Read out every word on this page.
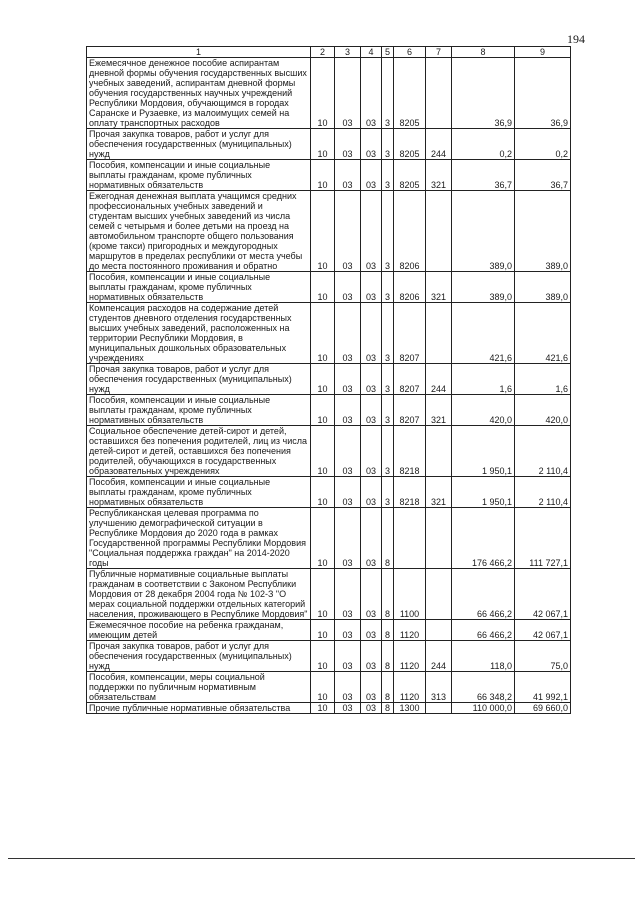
194
1	2	3	4	5	6	7	8	9
Ежемесячное денежное пособие аспирантам дневной формы обучения государственных высших учебных заведений, аспирантам дневной формы обучения государственных научных учреждений Республики Мордовия, обучающимся в городах Саранске и Рузаевке, из малоимущих семей на оплату транспортных расходов	10	03	03	3	8205		36,9	36,9
Прочая закупка товаров, работ и услуг для обеспечения государственных (муниципальных) нужд	10	03	03	3	8205	244	0,2	0,2
Пособия, компенсации и иные социальные выплаты гражданам, кроме публичных нормативных обязательств	10	03	03	3	8205	321	36,7	36,7
Ежегодная денежная выплата учащимся средних профессиональных учебных заведений и студентам высших учебных заведений из числа семей с четырьмя и более детьми на проезд на автомобильном транспорте общего пользования (кроме такси) пригородных и междугородных маршрутов в пределах республики от места учебы до места постоянного проживания и обратно	10	03	03	3	8206		389,0	389,0
Пособия, компенсации и иные социальные выплаты гражданам, кроме публичных нормативных обязательств	10	03	03	3	8206	321	389,0	389,0
Компенсация расходов на содержание детей студентов дневного отделения государственных высших учебных заведений, расположенных на территории Республики Мордовия, в муниципальных дошкольных образовательных учреждениях	10	03	03	3	8207		421,6	421,6
Прочая закупка товаров, работ и услуг для обеспечения государственных (муниципальных) нужд	10	03	03	3	8207	244	1,6	1,6
Пособия, компенсации и иные социальные выплаты гражданам, кроме публичных нормативных обязательств	10	03	03	3	8207	321	420,0	420,0
Социальное обеспечение детей-сирот и детей, оставшихся без попечения родителей, лиц из числа детей-сирот и детей, оставшихся без попечения родителей, обучающихся в государственных образовательных учреждениях	10	03	03	3	8218		1 950,1	2 110,4
Пособия, компенсации и иные социальные выплаты гражданам, кроме публичных нормативных обязательств	10	03	03	3	8218	321	1 950,1	2 110,4
Республиканская целевая программа по улучшению демографической ситуации в Республике Мордовия до 2020 года в рамках Государственной программы Республики Мордовия "Социальная поддержка граждан" на 2014-2020 годы	10	03	03	8			176 466,2	111 727,1
Публичные нормативные социальные выплаты гражданам в соответствии с Законом Республики Мордовия от 28 декабря 2004 года № 102-З "О мерах социальной поддержки отдельных категорий населения, проживающего в Республике Мордовия"	10	03	03	8	1100		66 466,2	42 067,1
Ежемесячное пособие на ребенка гражданам, имеющим детей	10	03	03	8	1120		66 466,2	42 067,1
Прочая закупка товаров, работ и услуг для обеспечения государственных (муниципальных) нужд	10	03	03	8	1120	244	118,0	75,0
Пособия, компенсации, меры социальной поддержки по публичным нормативным обязательствам	10	03	03	8	1120	313	66 348,2	41 992,1
Прочие публичные нормативные обязательства	10	03	03	8	1300		110 000,0	69 660,0
